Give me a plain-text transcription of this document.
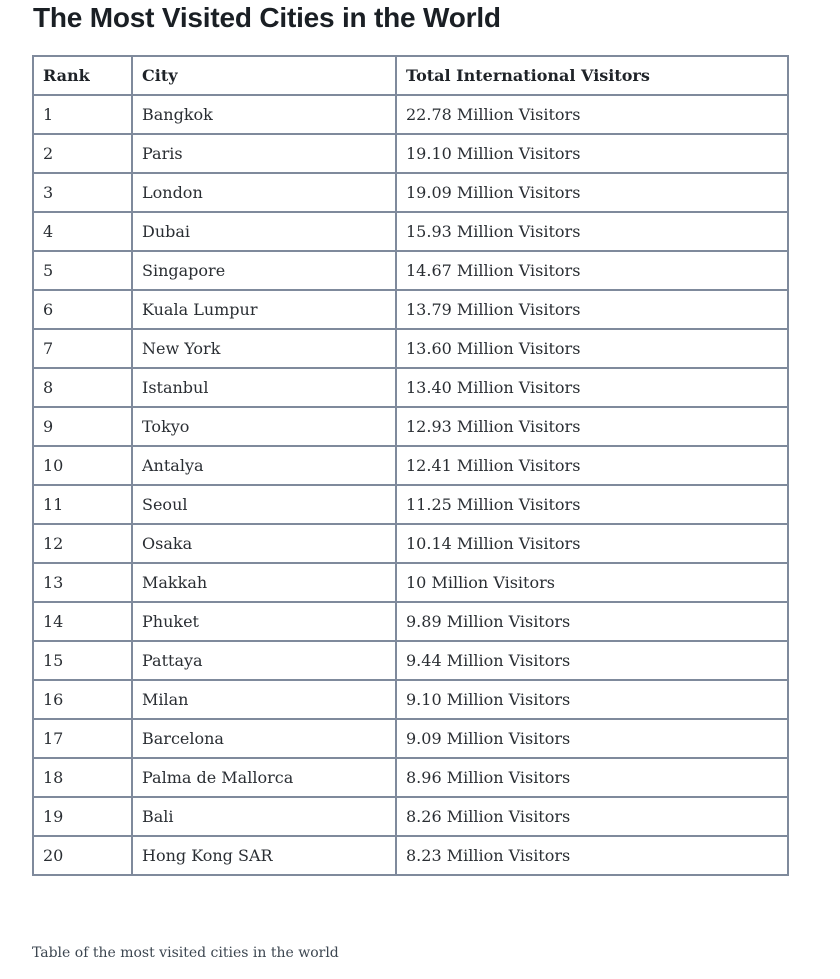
The Most Visited Cities in the World
Rank	City	Total International Visitors
1	Bangkok	22.78 Million Visitors
2	Paris	19.10 Million Visitors
3	London	19.09 Million Visitors
4	Dubai	15.93 Million Visitors
5	Singapore	14.67 Million Visitors
6	Kuala Lumpur	13.79 Million Visitors
7	New York	13.60 Million Visitors
8	Istanbul	13.40 Million Visitors
9	Tokyo	12.93 Million Visitors
10	Antalya	12.41 Million Visitors
11	Seoul	11.25 Million Visitors
12	Osaka	10.14 Million Visitors
13	Makkah	10 Million Visitors
14	Phuket	9.89 Million Visitors
15	Pattaya	9.44 Million Visitors
16	Milan	9.10 Million Visitors
17	Barcelona	9.09 Million Visitors
18	Palma de Mallorca	8.96 Million Visitors
19	Bali	8.26 Million Visitors
20	Hong Kong SAR	8.23 Million Visitors

Table of the most visited cities in the world
